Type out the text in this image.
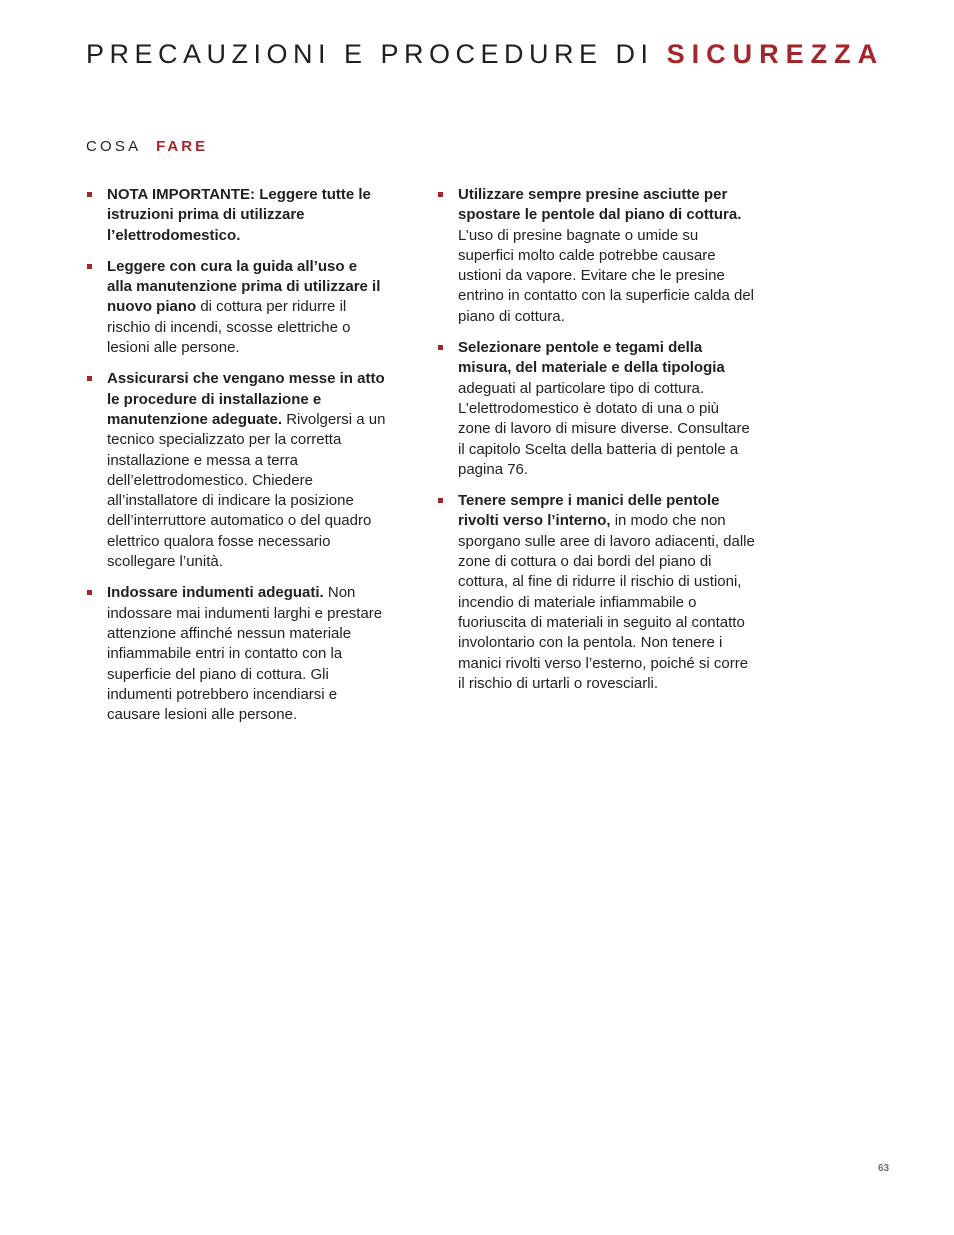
PRECAUZIONI E PROCEDURE DI SICUREZZA
COSA FARE
NOTA IMPORTANTE: Leggere tutte le istruzioni prima di utilizzare l’elettrodomestico.
Leggere con cura la guida all’uso e alla manutenzione prima di utilizzare il nuovo piano di cottura per ridurre il rischio di incendi, scosse elettriche o lesioni alle persone.
Assicurarsi che vengano messe in atto le procedure di installazione e manutenzione adeguate. Rivolgersi a un tecnico specializzato per la corretta installazione e messa a terra dell’elettrodomestico. Chiedere all’installatore di indicare la posizione dell’interruttore automatico o del quadro elettrico qualora fosse necessario scollegare l’unità.
Indossare indumenti adeguati. Non indossare mai indumenti larghi e prestare attenzione affinché nessun materiale infiammabile entri in contatto con la superficie del piano di cottura. Gli indumenti potrebbero incendiarsi e causare lesioni alle persone.
Utilizzare sempre presine asciutte per spostare le pentole dal piano di cottura. L’uso di presine bagnate o umide su superfici molto calde potrebbe causare ustioni da vapore. Evitare che le presine entrino in contatto con la superficie calda del piano di cottura.
Selezionare pentole e tegami della misura, del materiale e della tipologia adeguati al particolare tipo di cottura. L’elettrodomestico è dotato di una o più zone di lavoro di misure diverse. Consultare il capitolo Scelta della batteria di pentole a pagina 76.
Tenere sempre i manici delle pentole rivolti verso l’interno, in modo che non sporgano sulle aree di lavoro adiacenti, dalle zone di cottura o dai bordi del piano di cottura, al fine di ridurre il rischio di ustioni, incendio di materiale infiammabile o fuoriuscita di materiali in seguito al contatto involontario con la pentola. Non tenere i manici rivolti verso l’esterno, poiché si corre il rischio di urtarli o rovesciarli.
63
